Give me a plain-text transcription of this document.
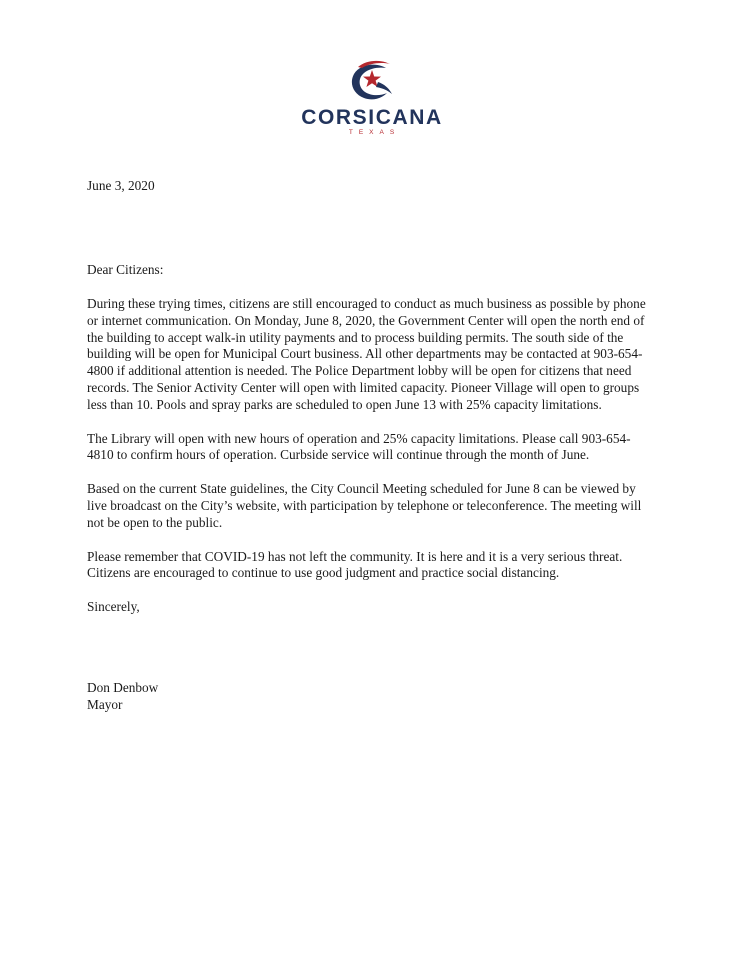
CORSICANA
TEXAS

June 3, 2020

Dear Citizens:

During these trying times, citizens are still encouraged to conduct as much business as possible by phone or internet communication. On Monday, June 8, 2020, the Government Center will open the north end of the building to accept walk-in utility payments and to process building permits. The south side of the building will be open for Municipal Court business. All other departments may be contacted at 903-654-4800 if additional attention is needed. The Police Department lobby will be open for citizens that need records. The Senior Activity Center will open with limited capacity. Pioneer Village will open to groups less than 10. Pools and spray parks are scheduled to open June 13 with 25% capacity limitations.

The Library will open with new hours of operation and 25% capacity limitations. Please call 903-654-4810 to confirm hours of operation. Curbside service will continue through the month of June.

Based on the current State guidelines, the City Council Meeting scheduled for June 8 can be viewed by live broadcast on the City’s website, with participation by telephone or teleconference. The meeting will not be open to the public.

Please remember that COVID-19 has not left the community. It is here and it is a very serious threat. Citizens are encouraged to continue to use good judgment and practice social distancing.

Sincerely,

Don Denbow

Mayor
